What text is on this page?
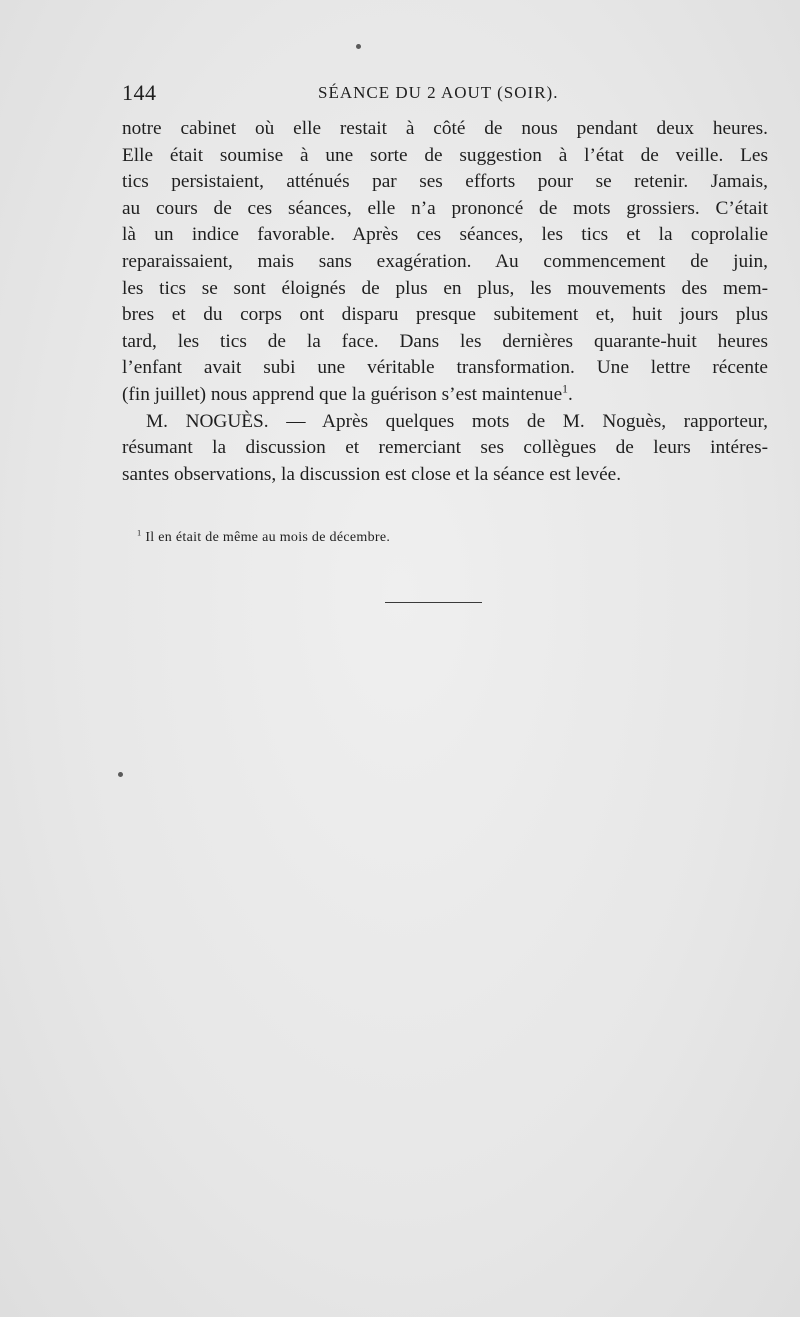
144	SÉANCE DU 2 AOUT (SOIR).
notre cabinet où elle restait à côté de nous pendant deux heures.
Elle était soumise à une sorte de suggestion à l’état de veille. Les
tics persistaient, atténués par ses efforts pour se retenir. Jamais,
au cours de ces séances, elle n’a prononcé de mots grossiers. C’était
là un indice favorable. Après ces séances, les tics et la coprolalie
reparaissaient, mais sans exagération. Au commencement de juin,
les tics se sont éloignés de plus en plus, les mouvements des mem-
bres et du corps ont disparu presque subitement et, huit jours plus
tard, les tics de la face. Dans les dernières quarante-huit heures
l’enfant avait subi une véritable transformation. Une lettre récente
(fin juillet) nous apprend que la guérison s’est maintenue$^1$.
M. NOGUÈS. — Après quelques mots de M. Noguès, rapporteur,
résumant la discussion et remerciant ses collègues de leurs intéres-
santes observations, la discussion est close et la séance est levée.
$^1$ Il en était de même au mois de décembre.
